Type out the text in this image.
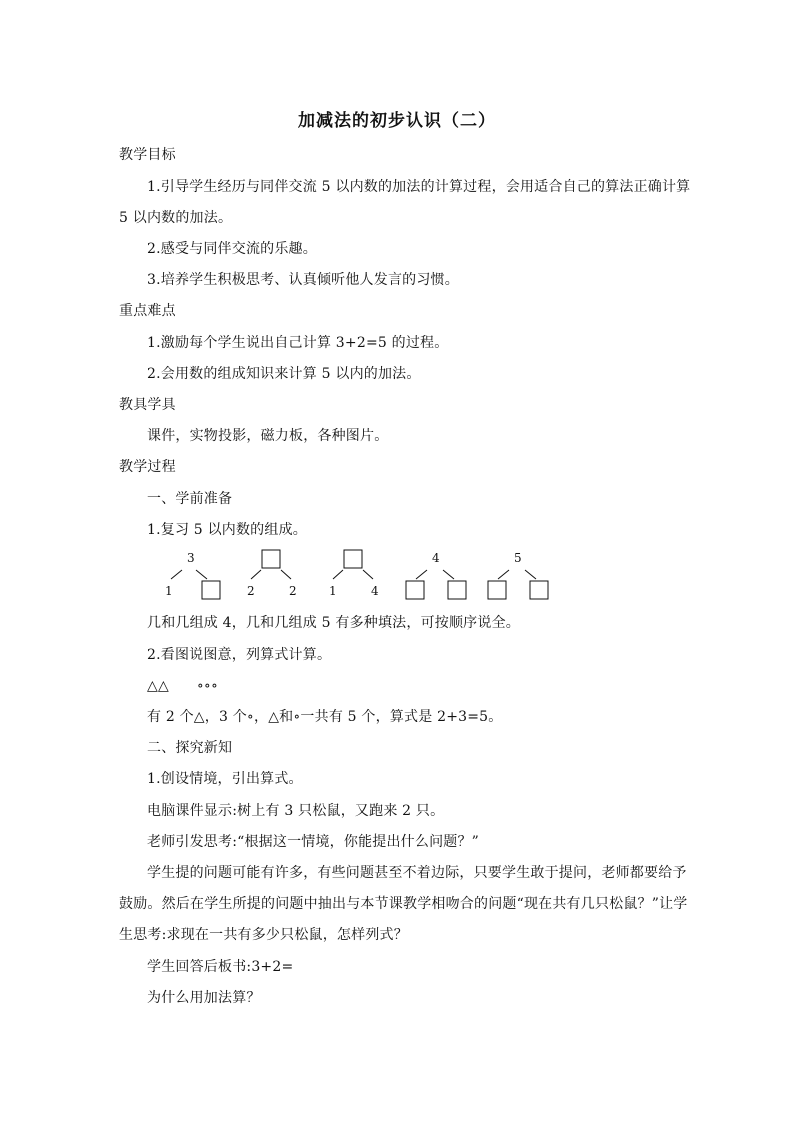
加减法的初步认识（二）
教学目标
1.引导学生经历与同伴交流 5 以内数的加法的计算过程，会用适合自己的算法正确计算
5 以内数的加法。
2.感受与同伴交流的乐趣。
3.培养学生积极思考、认真倾听他人发言的习惯。
重点难点
1.激励每个学生说出自己计算 3+2=5 的过程。
2.会用数的组成知识来计算 5 以内的加法。
教具学具
课件，实物投影，磁力板，各种图片。
教学过程
一、学前准备
1.复习 5 以内数的组成。
3
1	2	2	1	4
4	5
几和几组成 4，几和几组成 5 有多种填法，可按顺序说全。
2.看图说图意，列算式计算。
△△      ∘∘∘
有 2 个△，3 个∘，△和∘一共有 5 个，算式是 2+3=5。
二、探究新知
1.创设情境，引出算式。
电脑课件显示:树上有 3 只松鼠，又跑来 2 只。
老师引发思考:“根据这一情境，你能提出什么问题？”
学生提的问题可能有许多，有些问题甚至不着边际，只要学生敢于提问，老师都要给予
鼓励。然后在学生所提的问题中抽出与本节课教学相吻合的问题“现在共有几只松鼠？”让学
生思考:求现在一共有多少只松鼠，怎样列式？
学生回答后板书:3+2=
为什么用加法算？
